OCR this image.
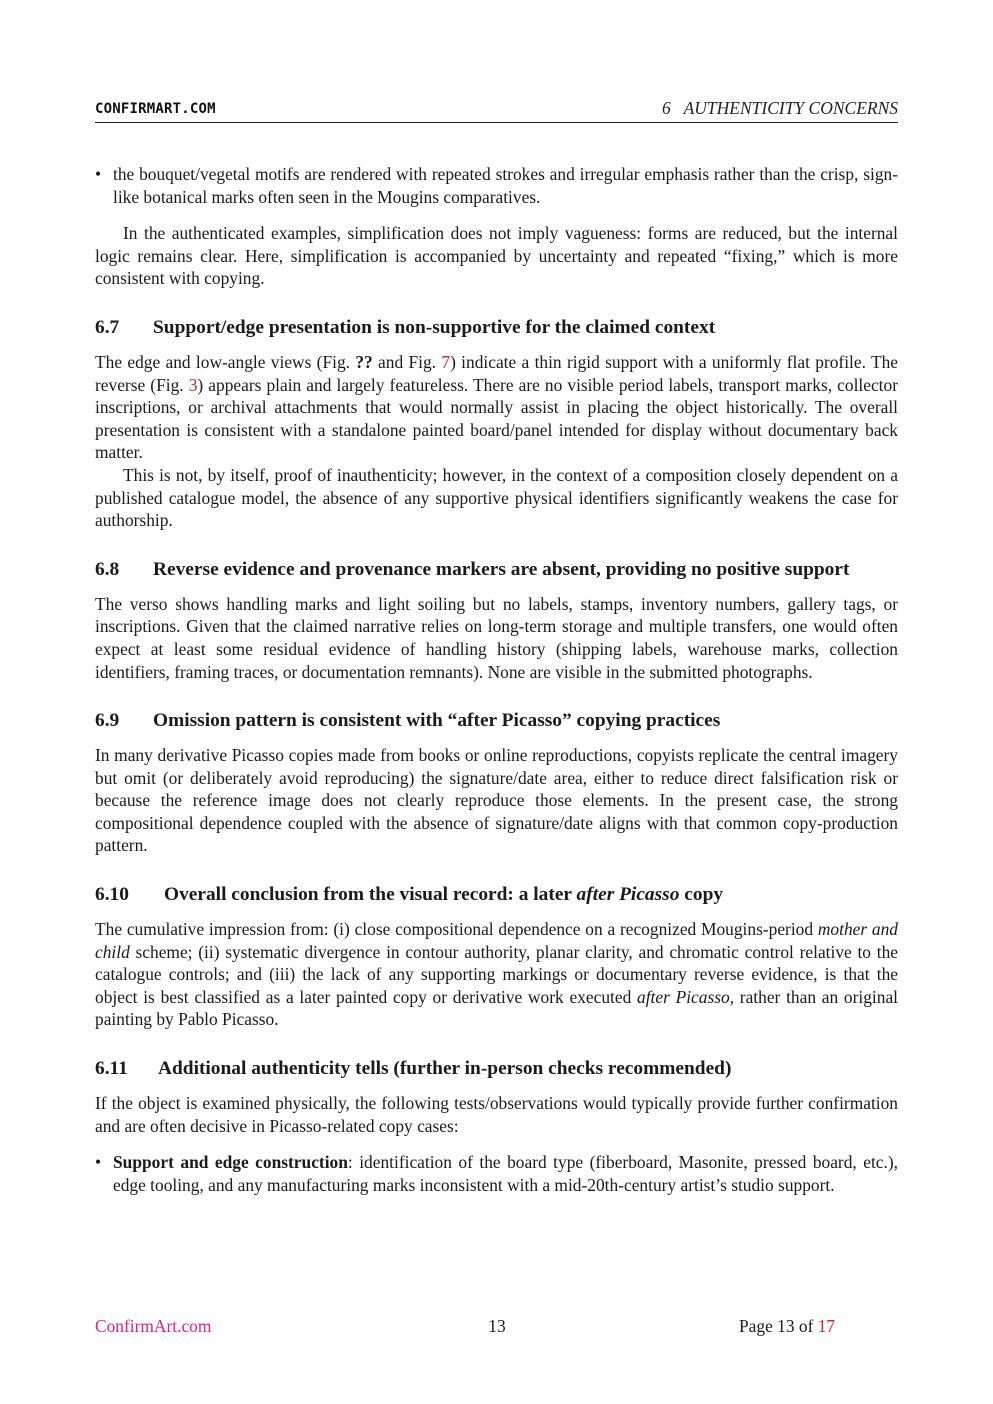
CONFIRMART.COM	6 AUTHENTICITY CONCERNS

• the bouquet/vegetal motifs are rendered with repeated strokes and irregular emphasis rather than the crisp, sign-like botanical marks often seen in the Mougins comparatives.

In the authenticated examples, simplification does not imply vagueness: forms are reduced, but the internal logic remains clear. Here, simplification is accompanied by uncertainty and repeated “fixing,” which is more consistent with copying.

6.7 Support/edge presentation is non-supportive for the claimed context

The edge and low-angle views (Fig. ?? and Fig. 7) indicate a thin rigid support with a uniformly flat profile. The reverse (Fig. 3) appears plain and largely featureless. There are no visible period labels, transport marks, collector inscriptions, or archival attachments that would normally assist in placing the object historically. The overall presentation is consistent with a standalone painted board/panel intended for display without documentary back matter.

This is not, by itself, proof of inauthenticity; however, in the context of a composition closely dependent on a published catalogue model, the absence of any supportive physical identifiers significantly weakens the case for authorship.

6.8 Reverse evidence and provenance markers are absent, providing no positive support

The verso shows handling marks and light soiling but no labels, stamps, inventory numbers, gallery tags, or inscriptions. Given that the claimed narrative relies on long-term storage and multiple transfers, one would often expect at least some residual evidence of handling history (shipping labels, warehouse marks, collection identifiers, framing traces, or documentation remnants). None are visible in the submitted photographs.

6.9 Omission pattern is consistent with “after Picasso” copying practices

In many derivative Picasso copies made from books or online reproductions, copyists replicate the central imagery but omit (or deliberately avoid reproducing) the signature/date area, either to reduce direct falsification risk or because the reference image does not clearly reproduce those elements. In the present case, the strong compositional dependence coupled with the absence of signature/date aligns with that common copy-production pattern.

6.10 Overall conclusion from the visual record: a later after Picasso copy

The cumulative impression from: (i) close compositional dependence on a recognized Mougins-period mother and child scheme; (ii) systematic divergence in contour authority, planar clarity, and chromatic control relative to the catalogue controls; and (iii) the lack of any supporting markings or documentary reverse evidence, is that the object is best classified as a later painted copy or derivative work executed after Picasso, rather than an original painting by Pablo Picasso.

6.11 Additional authenticity tells (further in-person checks recommended)

If the object is examined physically, the following tests/observations would typically provide further confirmation and are often decisive in Picasso-related copy cases:

• Support and edge construction: identification of the board type (fiberboard, Masonite, pressed board, etc.), edge tooling, and any manufacturing marks inconsistent with a mid-20th-century artist’s studio support.

ConfirmArt.com	13	Page 13 of 17
